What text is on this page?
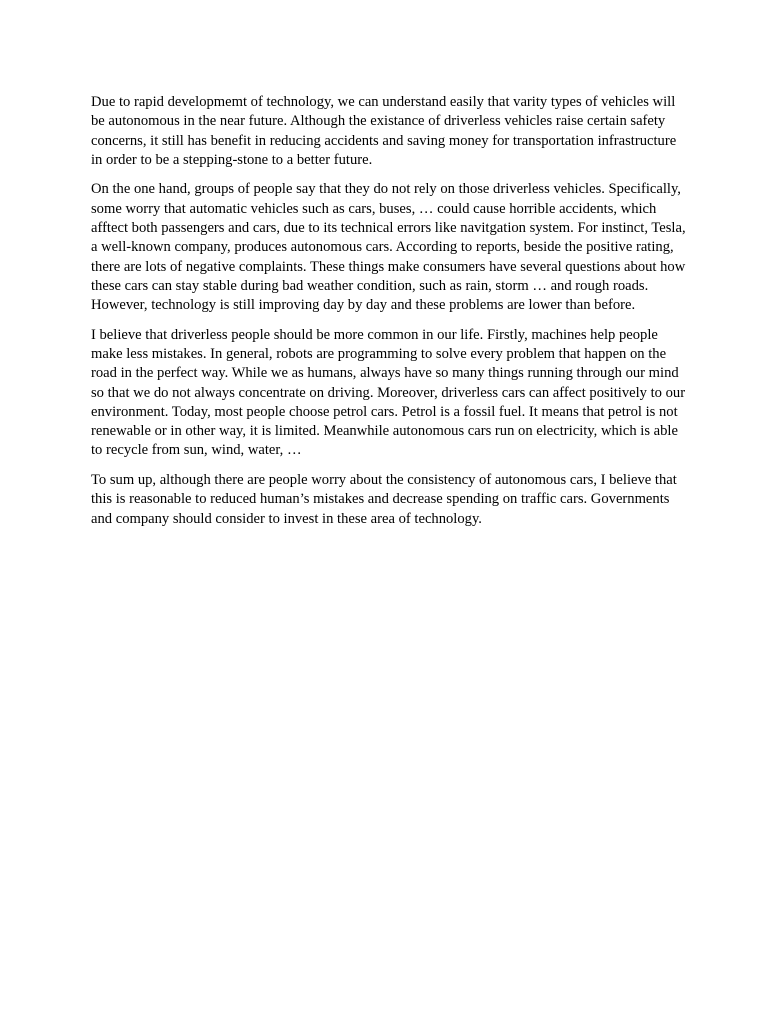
Due to rapid developmemt of technology, we can understand easily that varity types of vehicles will be autonomous in the near future. Although the existance of driverless vehicles raise certain safety concerns, it still has benefit in reducing accidents and saving money for transportation infrastructure in order to be a stepping-stone to a better future.

On the one hand, groups of people say that they do not rely on those driverless vehicles. Specifically, some worry that automatic vehicles such as cars, buses, … could cause horrible accidents, which afftect both passengers and cars, due to its technical errors like navitgation system. For instinct, Tesla, a well-known company, produces autonomous cars. According to reports, beside the positive rating, there are lots of negative complaints. These things make consumers have several questions about how these cars can stay stable during bad weather condition, such as rain, storm … and rough roads. However, technology is still improving day by day and these problems are lower than before.

I believe that driverless people should be more common in our life. Firstly, machines help people make less mistakes. In general, robots are programming to solve every problem that happen on the road in the perfect way. While we as humans, always have so many things running through our mind so that we do not always concentrate on driving. Moreover, driverless cars can affect positively to our environment. Today, most people choose petrol cars. Petrol is a fossil fuel. It means that petrol is not renewable or in other way, it is limited. Meanwhile autonomous cars run on electricity, which is able to recycle from sun, wind, water, …

To sum up, although there are people worry about the consistency of autonomous cars, I believe that this is reasonable to reduced human’s mistakes and decrease spending on traffic cars. Governments and company should consider to invest in these area of technology.
